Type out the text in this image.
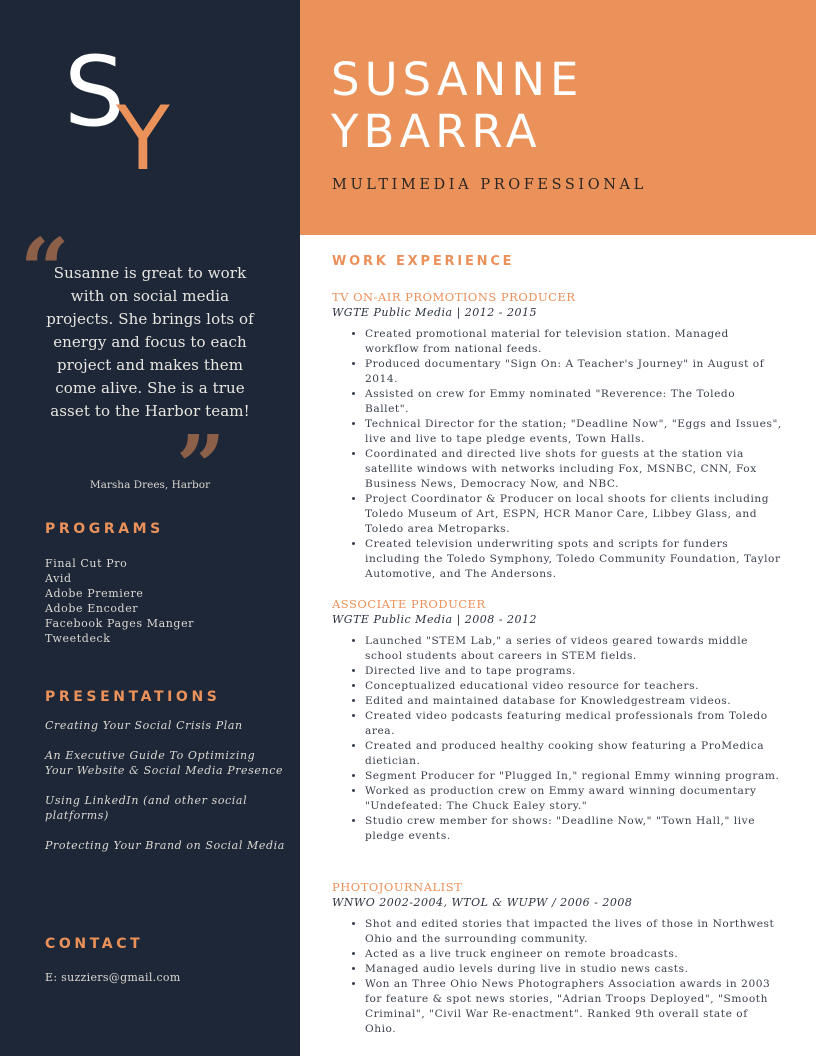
S
Y
“
Susanne is great to work with on social media projects. She brings lots of energy and focus to each project and makes them come alive. She is a true asset to the Harbor team!
”
Marsha Drees, Harbor
PROGRAMS
Final Cut Pro
Avid
Adobe Premiere
Adobe Encoder
Facebook Pages Manger
Tweetdeck
PRESENTATIONS
Creating Your Social Crisis Plan
An Executive Guide To Optimizing Your Website & Social Media Presence
Using LinkedIn (and other social platforms)
Protecting Your Brand on Social Media
CONTACT
E: suzziers@gmail.com
SUSANNE
YBARRA
MULTIMEDIA PROFESSIONAL
WORK EXPERIENCE
TV ON-AIR PROMOTIONS PRODUCER
WGTE Public Media | 2012 - 2015
• Created promotional material for television station. Managed workflow from national feeds.
• Produced documentary "Sign On: A Teacher's Journey" in August of 2014.
• Assisted on crew for Emmy nominated "Reverence: The Toledo Ballet".
• Technical Director for the station; "Deadline Now", "Eggs and Issues", live and live to tape pledge events, Town Halls.
• Coordinated and directed live shots for guests at the station via satellite windows with networks including Fox, MSNBC, CNN, Fox Business News, Democracy Now, and NBC.
• Project Coordinator & Producer on local shoots for clients including Toledo Museum of Art, ESPN, HCR Manor Care, Libbey Glass, and Toledo area Metroparks.
• Created television underwriting spots and scripts for funders including the Toledo Symphony, Toledo Community Foundation, Taylor Automotive, and The Andersons.
ASSOCIATE PRODUCER
WGTE Public Media | 2008 - 2012
• Launched "STEM Lab," a series of videos geared towards middle school students about careers in STEM fields.
• Directed live and to tape programs.
• Conceptualized educational video resource for teachers.
• Edited and maintained database for Knowledgestream videos.
• Created video podcasts featuring medical professionals from Toledo area.
• Created and produced healthy cooking show featuring a ProMedica dietician.
• Segment Producer for "Plugged In," regional Emmy winning program.
• Worked as production crew on Emmy award winning documentary "Undefeated: The Chuck Ealey story."
• Studio crew member for shows: "Deadline Now," "Town Hall," live pledge events.
PHOTOJOURNALIST
WNWO 2002-2004, WTOL & WUPW / 2006 - 2008
• Shot and edited stories that impacted the lives of those in Northwest Ohio and the surrounding community.
• Acted as a live truck engineer on remote broadcasts.
• Managed audio levels during live in studio news casts.
• Won an Three Ohio News Photographers Association awards in 2003 for feature & spot news stories, "Adrian Troops Deployed", "Smooth Criminal", "Civil War Re-enactment". Ranked 9th overall state of Ohio.
